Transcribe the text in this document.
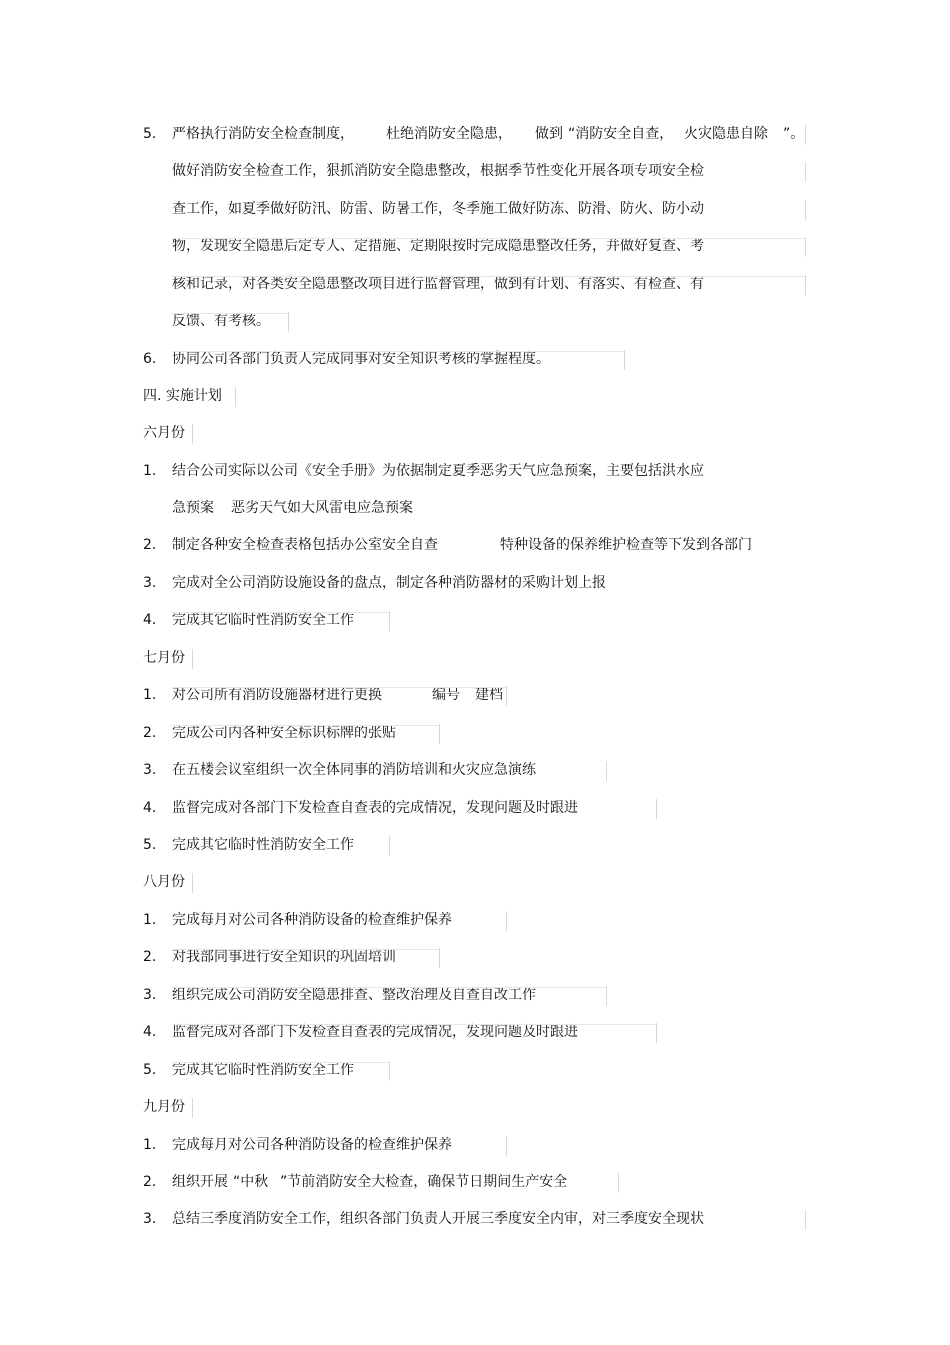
5. 严格执行消防安全检查制度， 杜绝消防安全隐患， 做到 “消防安全自查， 火灾隐患自除 ”。
做好消防安全检查工作，狠抓消防安全隐患整改，根据季节性变化开展各项专项安全检
查工作，如夏季做好防汛、防雷、防暑工作，冬季施工做好防冻、防滑、防火、防小动
物，发现安全隐患后定专人、定措施、定期限按时完成隐患整改任务，并做好复查、考
核和记录，对各类安全隐患整改项目进行监督管理，做到有计划、有落实、有检查、有
反馈、有考核。
6. 协同公司各部门负责人完成同事对安全知识考核的掌握程度。
四. 实施计划
六月份
1. 结合公司实际以公司《安全手册》为依据制定夏季恶劣天气应急预案，主要包括洪水应
急预案 恶劣天气如大风雷电应急预案
2. 制定各种安全检查表格包括办公室安全自查	特种设备的保养维护检查等下发到各部门
3. 完成对全公司消防设施设备的盘点，制定各种消防器材的采购计划上报
4. 完成其它临时性消防安全工作
七月份
1. 对公司所有消防设施器材进行更换	编号 建档
2. 完成公司内各种安全标识标牌的张贴
3. 在五楼会议室组织一次全体同事的消防培训和火灾应急演练
4. 监督完成对各部门下发检查自查表的完成情况，发现问题及时跟进
5. 完成其它临时性消防安全工作
八月份
1. 完成每月对公司各种消防设备的检查维护保养
2. 对我部同事进行安全知识的巩固培训
3. 组织完成公司消防安全隐患排查、整改治理及自查自改工作
4. 监督完成对各部门下发检查自查表的完成情况，发现问题及时跟进
5. 完成其它临时性消防安全工作
九月份
1. 完成每月对公司各种消防设备的检查维护保养
2. 组织开展 “中秋 ”节前消防安全大检查，确保节日期间生产安全
3. 总结三季度消防安全工作，组织各部门负责人开展三季度安全内审，对三季度安全现状
